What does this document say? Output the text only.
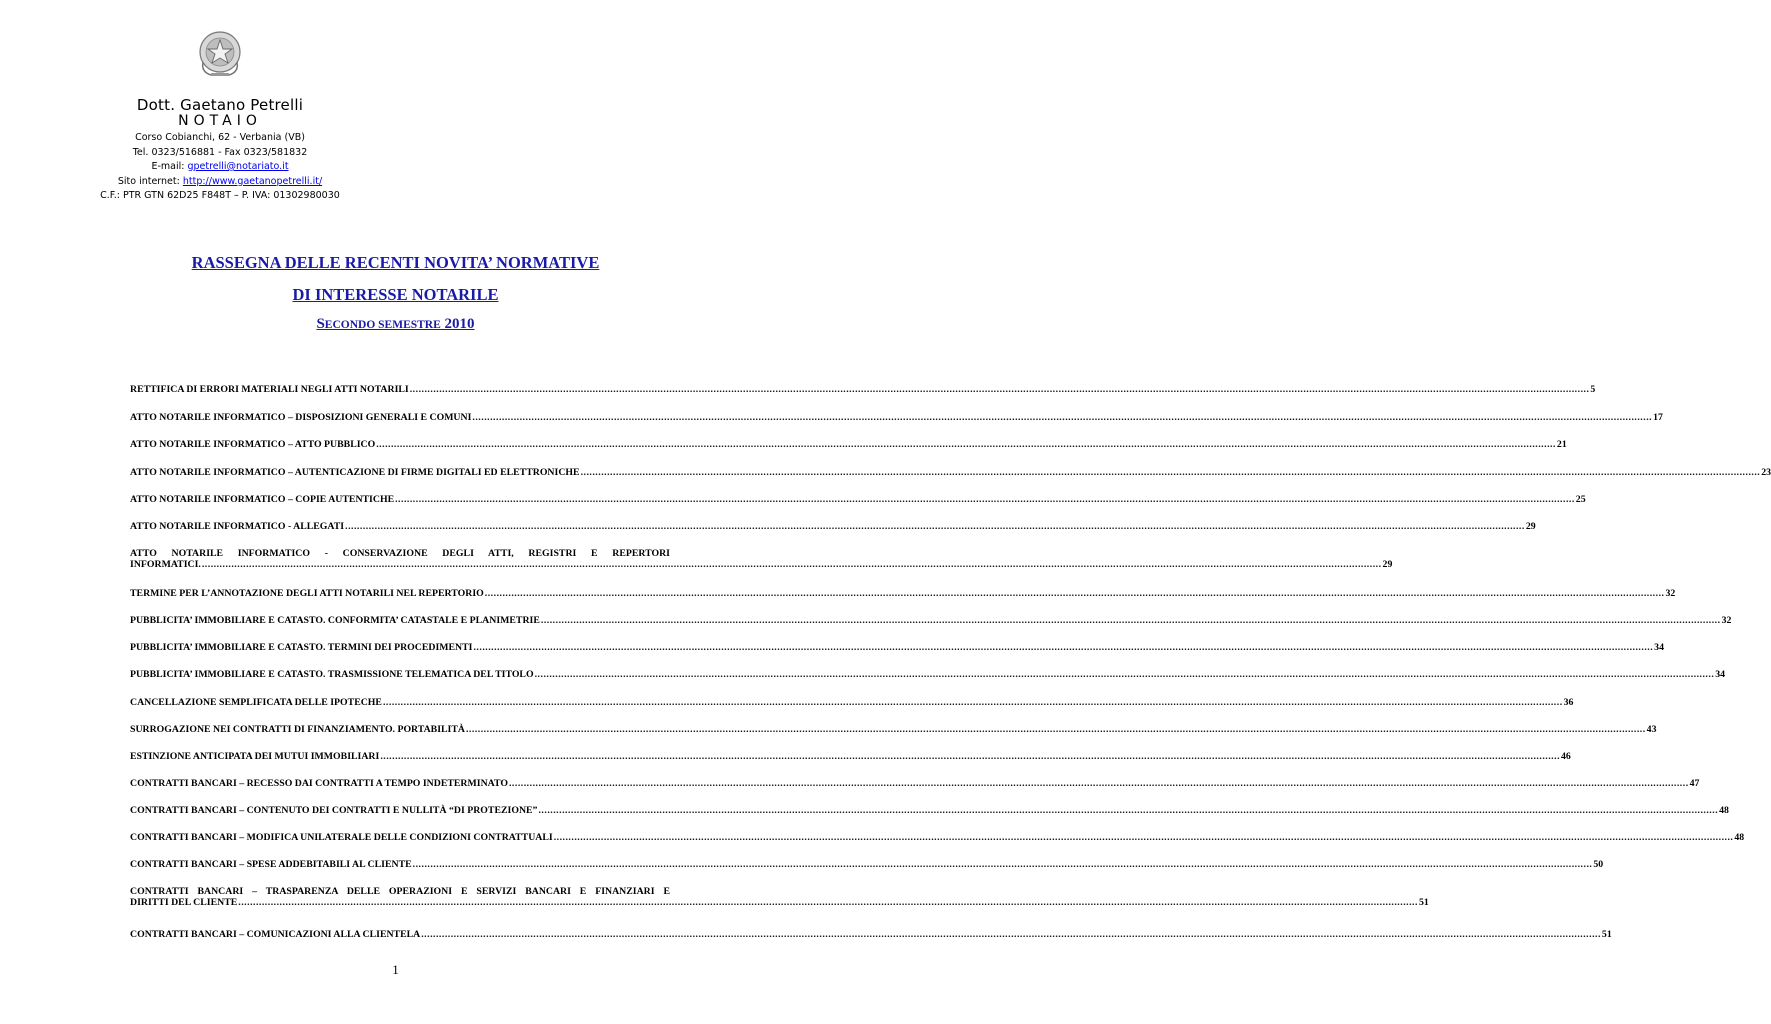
Dott. Gaetano Petrelli
NOTAIO
Corso Cobianchi, 62 - Verbania (VB)
Tel. 0323/516881 - Fax 0323/581832
E-mail: gpetrelli@notariato.it
Sito internet: http://www.gaetanopetrelli.it/
C.F.: PTR GTN 62D25 F848T – P. IVA: 01302980030
RASSEGNA DELLE RECENTI NOVITA’ NORMATIVE
DI INTERESSE NOTARILE
SECONDO SEMESTRE 2010
RETTIFICA DI ERRORI MATERIALI NEGLI ATTI NOTARILI ................................................................................................................................................................................................................................................................................................................................................................................................................ 5
ATTO NOTARILE INFORMATICO – DISPOSIZIONI GENERALI E COMUNI ................................................................................................................................................................................................................................................................................................................................................................................................................ 17
ATTO NOTARILE INFORMATICO – ATTO PUBBLICO ................................................................................................................................................................................................................................................................................................................................................................................................................ 21
ATTO NOTARILE INFORMATICO – AUTENTICAZIONE DI FIRME DIGITALI ED ELETTRONICHE ................................................................................................................................................................................................................................................................................................................................................................................................................ 23
ATTO NOTARILE INFORMATICO – COPIE AUTENTICHE ................................................................................................................................................................................................................................................................................................................................................................................................................ 25
ATTO NOTARILE INFORMATICO - ALLEGATI ................................................................................................................................................................................................................................................................................................................................................................................................................ 29
ATTO NOTARILE INFORMATICO - CONSERVAZIONE DEGLI ATTI, REGISTRI E REPERTORI
INFORMATICI. ................................................................................................................................................................................................................................................................................................................................................................................................................ 29
TERMINE PER L’ANNOTAZIONE DEGLI ATTI NOTARILI NEL REPERTORIO ................................................................................................................................................................................................................................................................................................................................................................................................................ 32
PUBBLICITA’ IMMOBILIARE E CATASTO. CONFORMITA’ CATASTALE E PLANIMETRIE ................................................................................................................................................................................................................................................................................................................................................................................................................ 32
PUBBLICITA’ IMMOBILIARE E CATASTO. TERMINI DEI PROCEDIMENTI ................................................................................................................................................................................................................................................................................................................................................................................................................ 34
PUBBLICITA’ IMMOBILIARE E CATASTO. TRASMISSIONE TELEMATICA DEL TITOLO ................................................................................................................................................................................................................................................................................................................................................................................................................ 34
CANCELLAZIONE SEMPLIFICATA DELLE IPOTECHE ................................................................................................................................................................................................................................................................................................................................................................................................................ 36
SURROGAZIONE NEI CONTRATTI DI FINANZIAMENTO. PORTABILITÀ ................................................................................................................................................................................................................................................................................................................................................................................................................ 43
ESTINZIONE ANTICIPATA DEI MUTUI IMMOBILIARI ................................................................................................................................................................................................................................................................................................................................................................................................................ 46
CONTRATTI BANCARI – RECESSO DAI CONTRATTI A TEMPO INDETERMINATO ................................................................................................................................................................................................................................................................................................................................................................................................................ 47
CONTRATTI BANCARI – CONTENUTO DEI CONTRATTI E NULLITÀ “DI PROTEZIONE” ................................................................................................................................................................................................................................................................................................................................................................................................................ 48
CONTRATTI BANCARI – MODIFICA UNILATERALE DELLE CONDIZIONI CONTRATTUALI ................................................................................................................................................................................................................................................................................................................................................................................................................ 48
CONTRATTI BANCARI – SPESE ADDEBITABILI AL CLIENTE ................................................................................................................................................................................................................................................................................................................................................................................................................ 50
CONTRATTI BANCARI – TRASPARENZA DELLE OPERAZIONI E SERVIZI BANCARI E FINANZIARI E
DIRITTI DEL CLIENTE ................................................................................................................................................................................................................................................................................................................................................................................................................ 51
CONTRATTI BANCARI – COMUNICAZIONI ALLA CLIENTELA ................................................................................................................................................................................................................................................................................................................................................................................................................ 51
1
